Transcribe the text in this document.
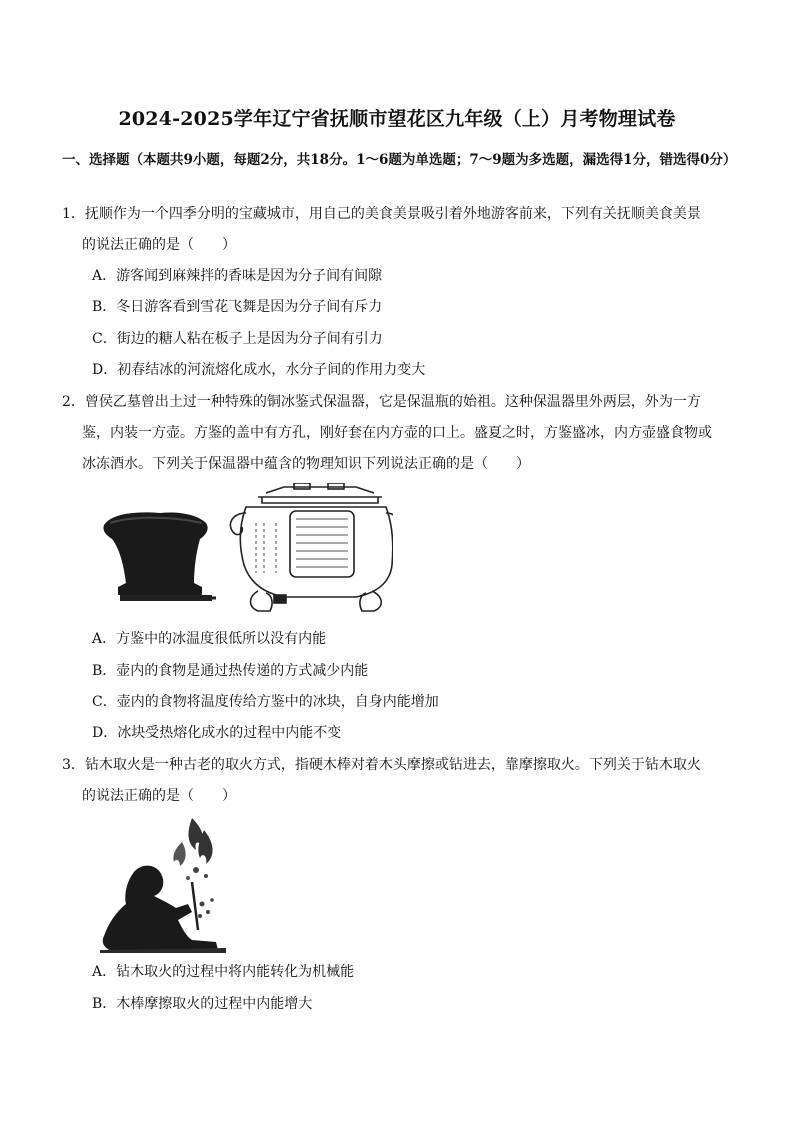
2024-2025学年辽宁省抚顺市望花区九年级（上）月考物理试卷
一、选择题（本题共9小题，每题2分，共18分。1～6题为单选题；7～9题为多选题，漏选得1分，错选得0分）
1．抚顺作为一个四季分明的宝藏城市，用自己的美食美景吸引着外地游客前来，下列有关抚顺美食美景
的说法正确的是（　　）
A．游客闻到麻辣拌的香味是因为分子间有间隙
B．冬日游客看到雪花飞舞是因为分子间有斥力
C．街边的糖人粘在板子上是因为分子间有引力
D．初春结冰的河流熔化成水，水分子间的作用力变大
2．曾侯乙墓曾出土过一种特殊的铜冰鉴式保温器，它是保温瓶的始祖。这种保温器里外两层，外为一方
鉴，内装一方壶。方鉴的盖中有方孔，刚好套在内方壶的口上。盛夏之时，方鉴盛冰，内方壶盛食物或
冰冻酒水。下列关于保温器中蕴含的物理知识下列说法正确的是（　　）
A．方鉴中的冰温度很低所以没有内能
B．壶内的食物是通过热传递的方式减少内能
C．壶内的食物将温度传给方鉴中的冰块，自身内能增加
D．冰块受热熔化成水的过程中内能不变
3．钻木取火是一种古老的取火方式，指硬木棒对着木头摩擦或钻进去，靠摩擦取火。下列关于钻木取火
的说法正确的是（　　）
A．钻木取火的过程中将内能转化为机械能
B．木棒摩擦取火的过程中内能增大
